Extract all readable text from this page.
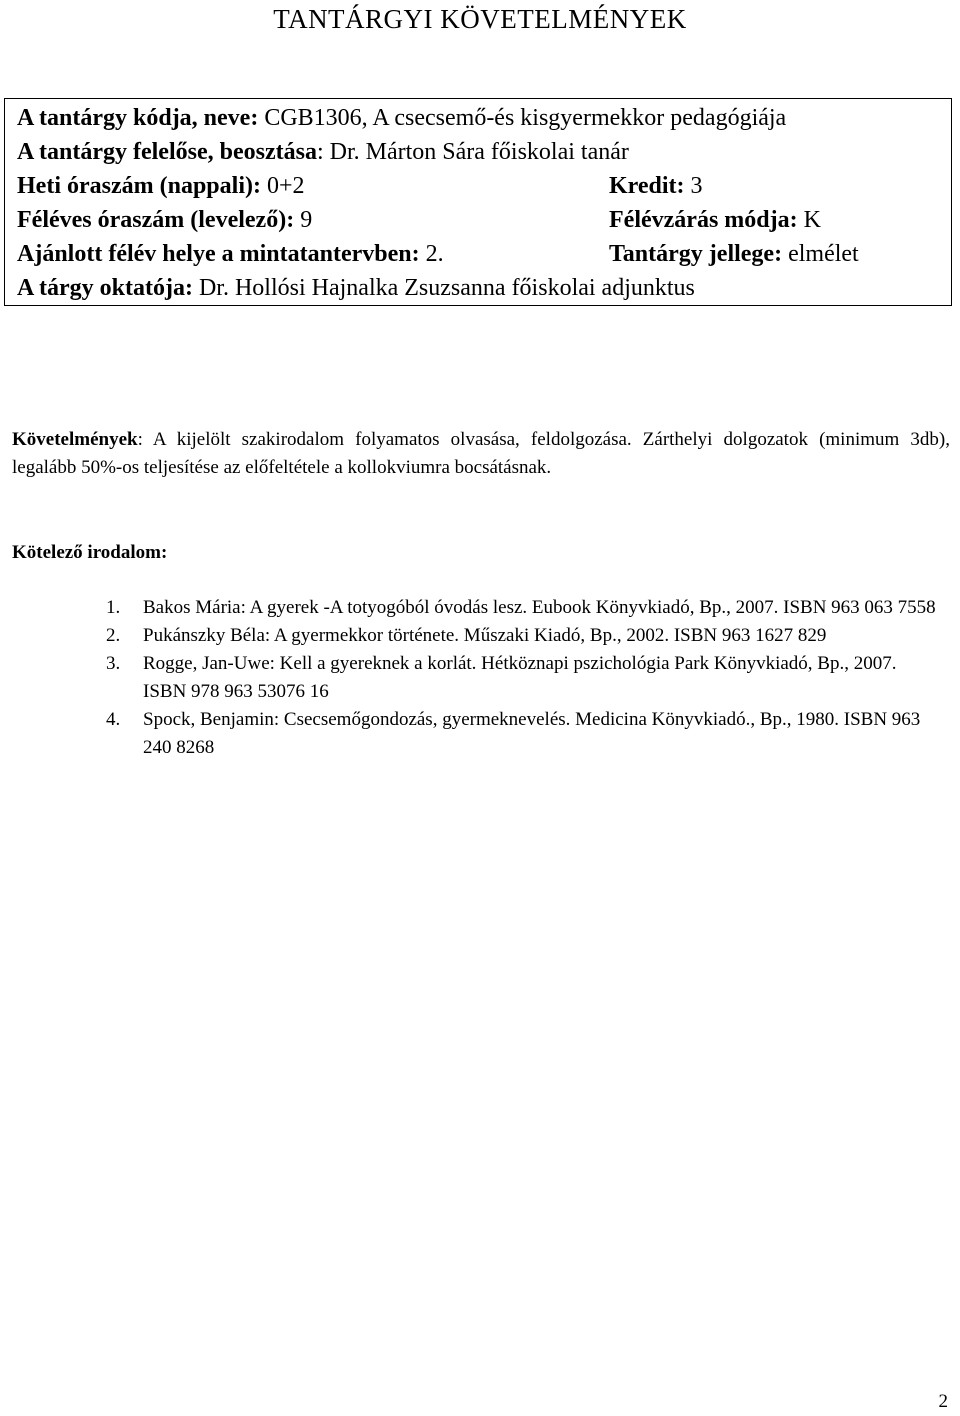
TANTÁRGYI KÖVETELMÉNYEK
A tantárgy kódja, neve: CGB1306, A csecsemő-és kisgyermekkor pedagógiája
A tantárgy felelőse, beosztása: Dr. Márton Sára főiskolai tanár
Heti óraszám (nappali): 0+2	Kredit: 3
Féléves óraszám (levelező): 9	Félévzárás módja: K
Ajánlott félév helye a mintatantervben: 2.	Tantárgy jellege: elmélet
A tárgy oktatója: Dr. Hollósi Hajnalka Zsuzsanna főiskolai adjunktus
Követelmények: A kijelölt szakirodalom folyamatos olvasása, feldolgozása. Zárthelyi dolgozatok (minimum 3db), legalább 50%-os teljesítése az előfeltétele a kollokviumra bocsátásnak.
Kötelező irodalom:
1. Bakos Mária: A gyerek -A totyogóból óvodás lesz. Eubook Könyvkiadó, Bp., 2007. ISBN 963 063 7558
2. Pukánszky Béla: A gyermekkor története. Műszaki Kiadó, Bp., 2002. ISBN 963 1627 829
3. Rogge, Jan-Uwe: Kell a gyereknek a korlát. Hétköznapi pszichológia Park Könyvkiadó, Bp., 2007. ISBN 978 963 53076 16
4. Spock, Benjamin: Csecsemőgondozás, gyermeknevelés. Medicina Könyvkiadó., Bp., 1980. ISBN 963 240 8268
2
